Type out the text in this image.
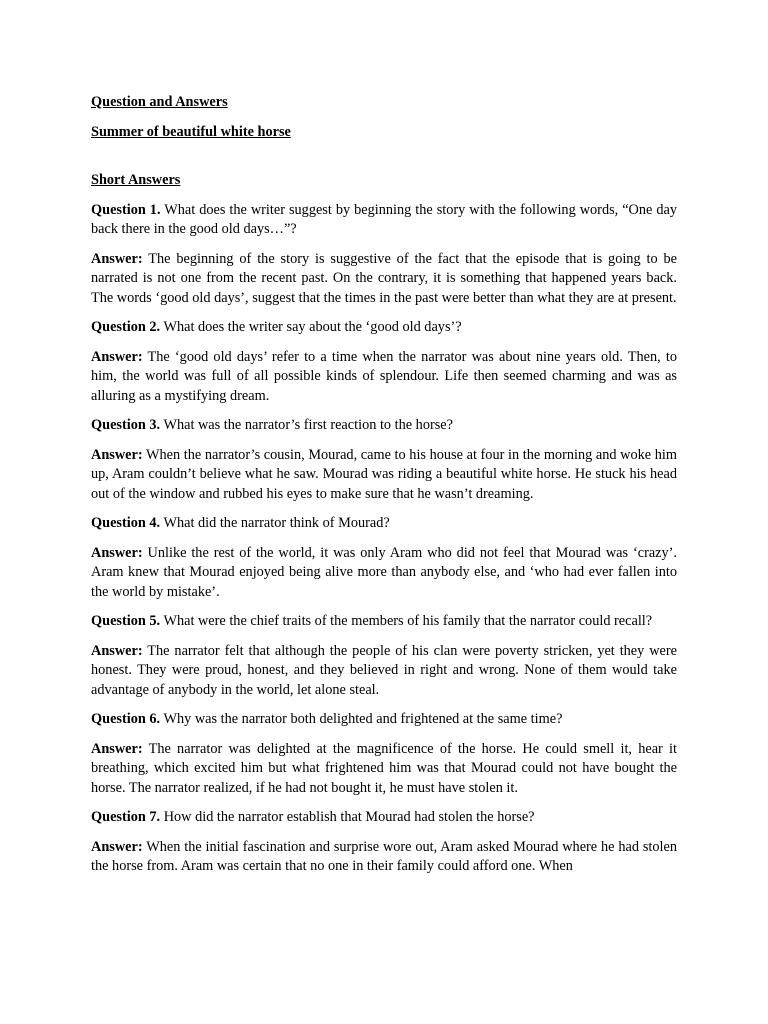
Question and Answers

Summer of beautiful white horse

Short Answers

Question 1. What does the writer suggest by beginning the story with the following words, “One day back there in the good old days…”?

Answer: The beginning of the story is suggestive of the fact that the episode that is going to be narrated is not one from the recent past. On the contrary, it is something that happened years back. The words ‘good old days’, suggest that the times in the past were better than what they are at present.

Question 2. What does the writer say about the ‘good old days’?

Answer: The ‘good old days’ refer to a time when the narrator was about nine years old. Then, to him, the world was full of all possible kinds of splendour. Life then seemed charming and was as alluring as a mystifying dream.

Question 3. What was the narrator’s first reaction to the horse?

Answer: When the narrator’s cousin, Mourad, came to his house at four in the morning and woke him up, Aram couldn’t believe what he saw. Mourad was riding a beautiful white horse. He stuck his head out of the window and rubbed his eyes to make sure that he wasn’t dreaming.

Question 4. What did the narrator think of Mourad?

Answer: Unlike the rest of the world, it was only Aram who did not feel that Mourad was ‘crazy’. Aram knew that Mourad enjoyed being alive more than anybody else, and ‘who had ever fallen into the world by mistake’.

Question 5. What were the chief traits of the members of his family that the narrator could recall?

Answer: The narrator felt that although the people of his clan were poverty stricken, yet they were honest. They were proud, honest, and they believed in right and wrong. None of them would take advantage of anybody in the world, let alone steal.

Question 6. Why was the narrator both delighted and frightened at the same time?

Answer: The narrator was delighted at the magnificence of the horse. He could smell it, hear it breathing, which excited him but what frightened him was that Mourad could not have bought the horse. The narrator realized, if he had not bought it, he must have stolen it.

Question 7. How did the narrator establish that Mourad had stolen the horse?

Answer: When the initial fascination and surprise wore out, Aram asked Mourad where he had stolen the horse from. Aram was certain that no one in their family could afford one. When
